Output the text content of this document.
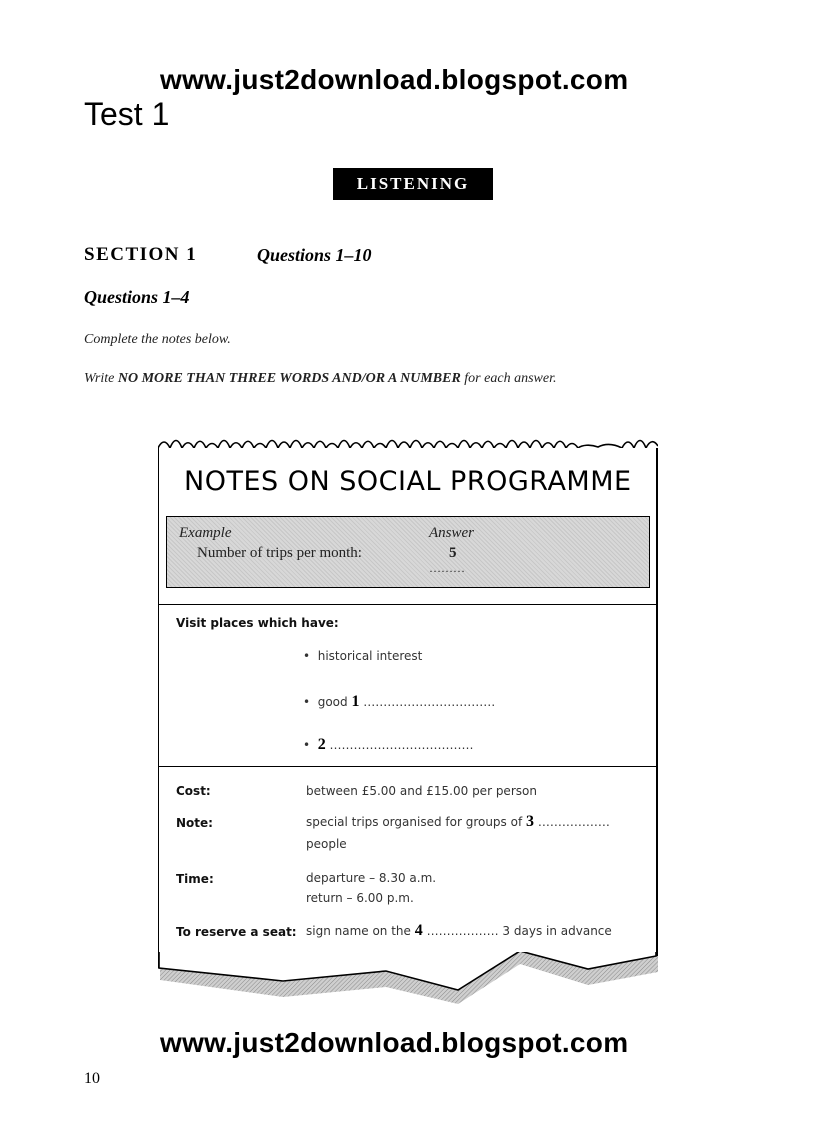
www.just2download.blogspot.com
Test 1
LISTENING
SECTION 1	Questions 1–10
Questions 1–4
Complete the notes below.
Write NO MORE THAN THREE WORDS AND/OR A NUMBER for each answer.
NOTES ON SOCIAL PROGRAMME
Example	Answer
Number of trips per month:	5
………
Visit places which have:
•  historical interest
•  good 1 ……………………………
•  2 ………………………………
Cost:	between £5.00 and £15.00 per person
Note:	special trips organised for groups of 3 ………………
people
Time:	departure – 8.30 a.m.
return – 6.00 p.m.
To reserve a seat: sign name on the 4 ……………… 3 days in advance
www.just2download.blogspot.com
10
